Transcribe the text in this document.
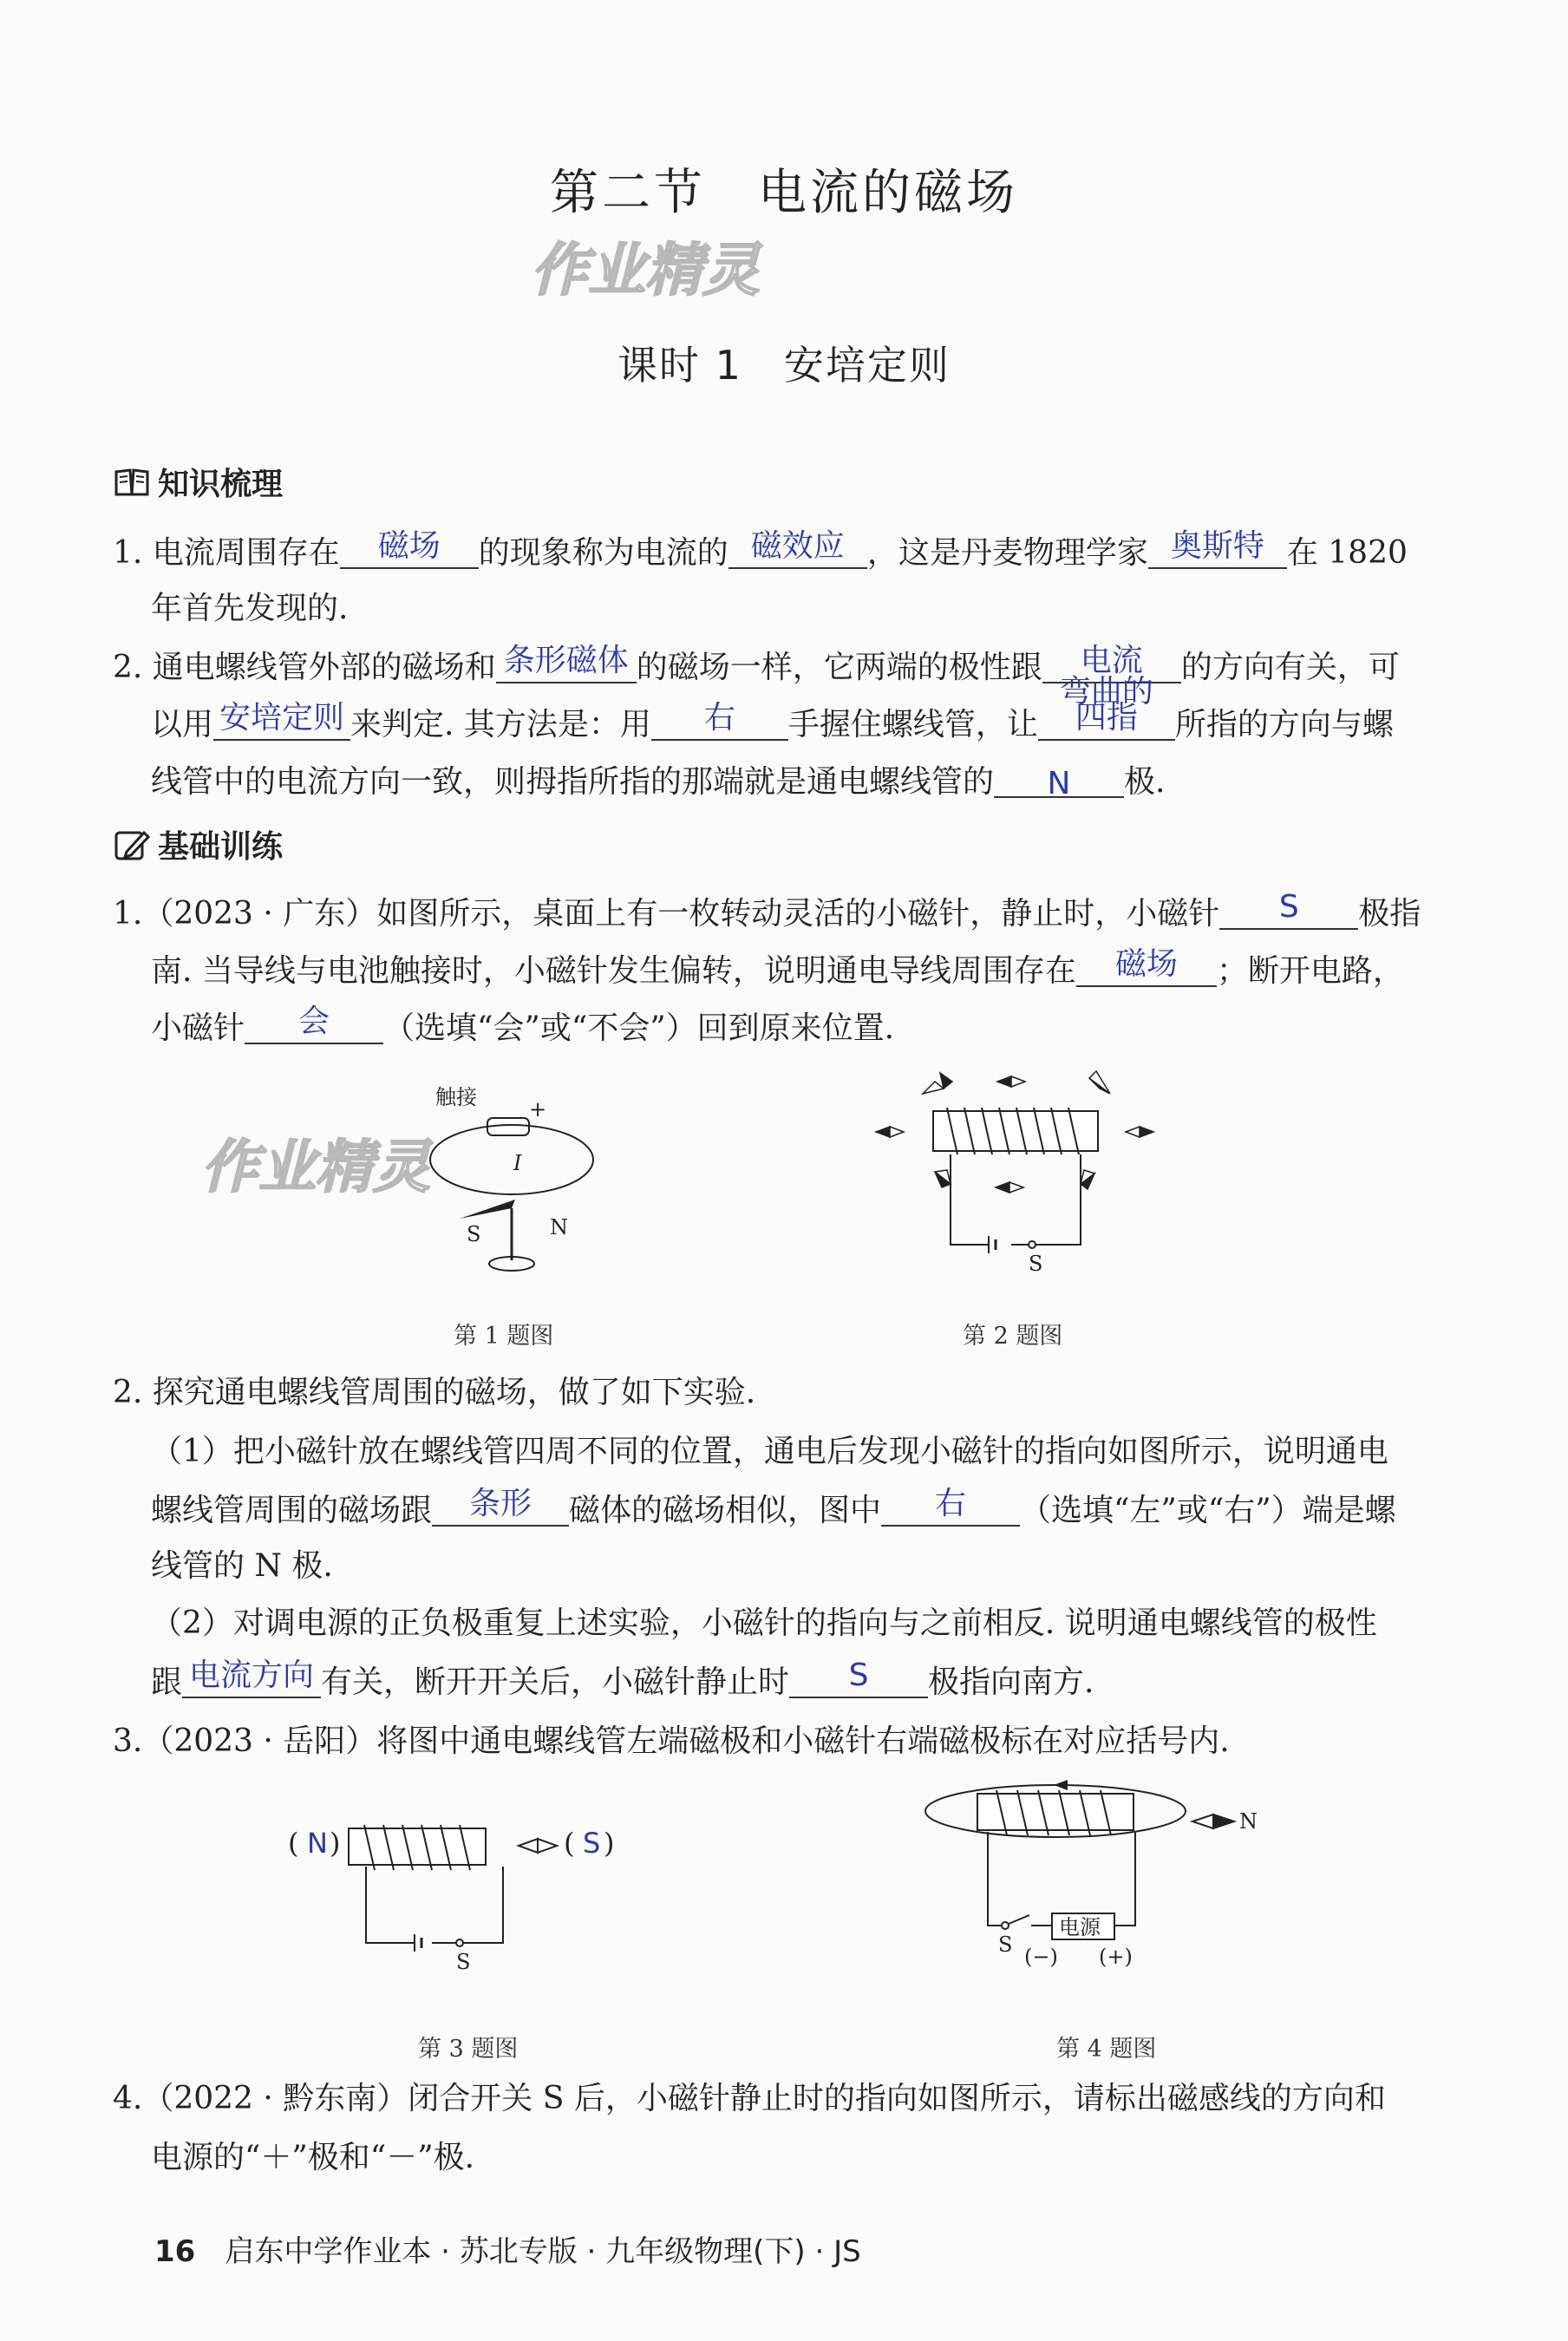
第二节　电流的磁场
作业精灵
课时 1　安培定则
知识梳理
1. 电流周围存在	磁场	的现象称为电流的 磁效应 ，这是丹麦物理学家 奥斯特 在 1820
年首先发现的.
2. 通电螺线管外部的磁场和 条形磁体 的磁场一样，它两端的极性跟	电流	的方向有关，可
以用 安培定则 来判定. 其方法是：用	右	手握住螺线管，让
弯曲的
四指	所指的方向与螺
线管中的电流方向一致，则拇指所指的那端就是通电螺线管的	N	极.
基础训练
1.（2023 · 广东）如图所示，桌面上有一枚转动灵活的小磁针，静止时，小磁针	S	极指
南. 当导线与电池触接时，小磁针发生偏转，说明通电导线周围存在	磁场	；断开电路，
小磁针	会	（选填“会”或“不会”）回到原来位置.
作业精灵
触接	+
I
S	N
第 1 题图
S
第 2 题图
2. 探究通电螺线管周围的磁场，做了如下实验.
（1）把小磁针放在螺线管四周不同的位置，通电后发现小磁针的指向如图所示，说明通电
螺线管周围的磁场跟	条形	磁体的磁场相似，图中	右	（选填“左”或“右”）端是螺
线管的 N 极.
（2）对调电源的正负极重复上述实验，小磁针的指向与之前相反. 说明通电螺线管的极性
跟 电流方向 有关，断开开关后，小磁针静止时	S	极指向南方.
3.（2023 · 岳阳）将图中通电螺线管左端磁极和小磁针右端磁极标在对应括号内.
( N )
S
( S )
第 3 题图
电源
S (−) (+)
N
第 4 题图
4.（2022 · 黔东南）闭合开关 S 后，小磁针静止时的指向如图所示，请标出磁感线的方向和
电源的“＋”极和“－”极.
16 启东中学作业本 · 苏北专版 · 九年级物理(下) · JS
